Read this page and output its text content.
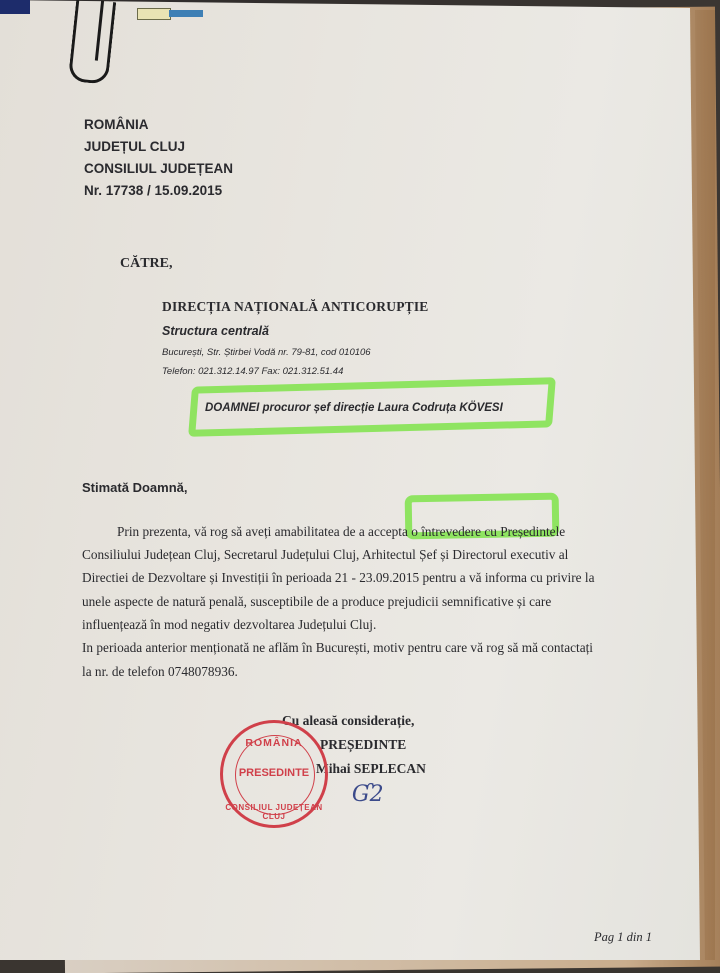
ROMÂNIA
JUDEȚUL CLUJ
CONSILIUL JUDEȚEAN
Nr. 17738 / 15.09.2015
CĂTRE,
DIRECȚIA NAȚIONALĂ ANTICORUPȚIE
Structura centrală
București, Str. Știrbei Vodă nr. 79-81, cod 010106
Telefon: 021.312.14.97 Fax: 021.312.51.44
DOAMNEI procuror șef direcție Laura Codruța KÖVESI
Stimată Doamnă,
Prin prezenta, vă rog să aveți amabilitatea de a accepta o întrevedere cu Președintele
Consiliului Județean Cluj, Secretarul Județului Cluj, Arhitectul Șef și Directorul executiv al
Directiei de Dezvoltare și Investiții în perioada 21 - 23.09.2015 pentru a vă informa cu privire la
unele aspecte de natură penală, susceptibile de a produce prejudicii semnificative și care
influențează în mod negativ dezvoltarea Județului Cluj.
In perioada anterior menționată ne aflăm în București, motiv pentru care vă rog să mă contactați
la nr. de telefon 0748078936.
Cu aleasă considerație,
PREȘEDINTE
Mihai SEPLECAN
ROMÂNIA
PRESEDINTE
CONSILIUL JUDEȚEAN CLUJ
Ɠ2
Pag 1 din 1
